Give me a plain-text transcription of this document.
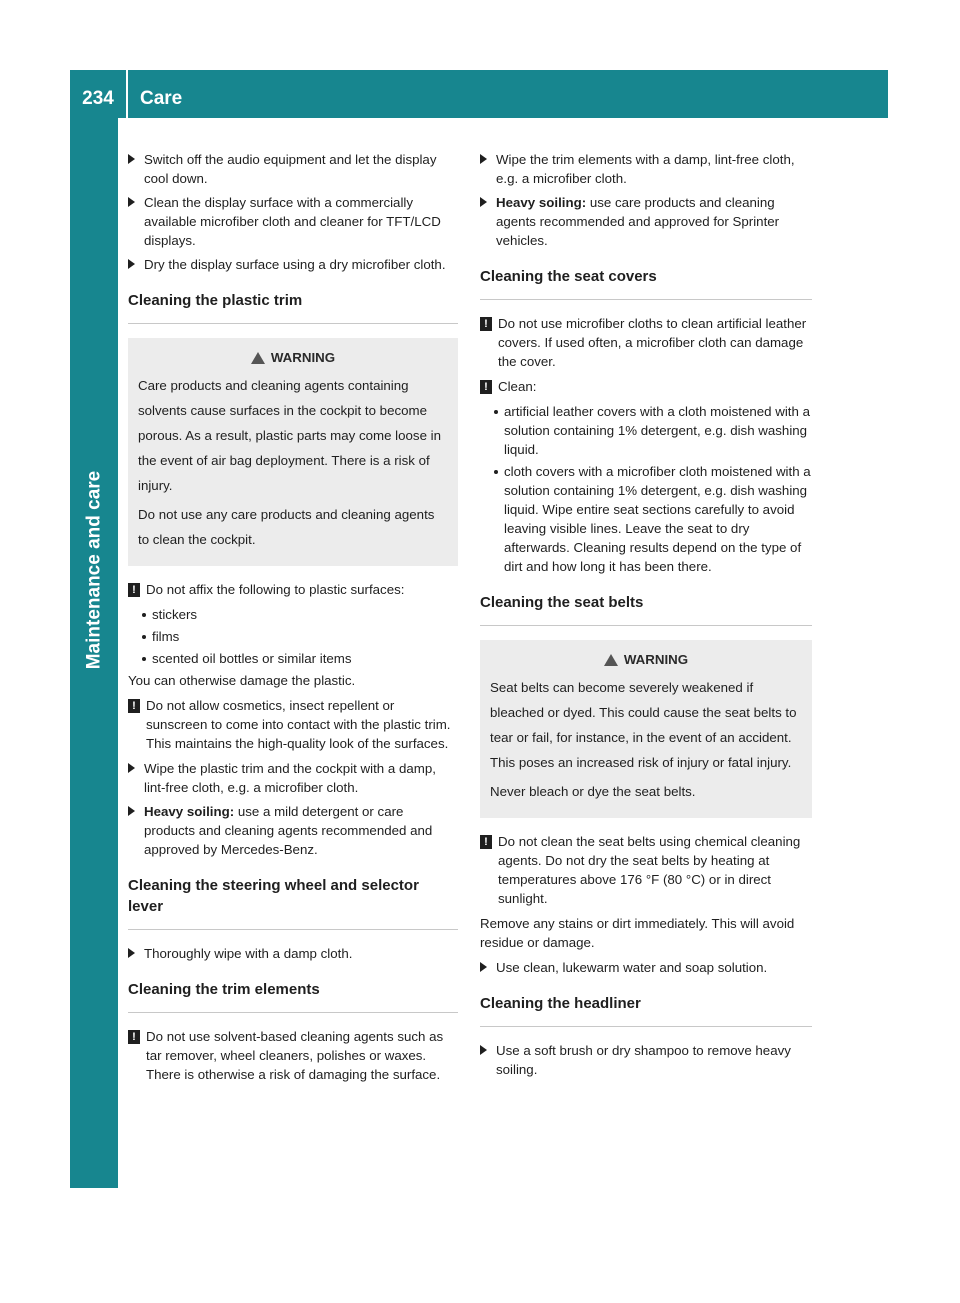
234	Care
Maintenance and care
Switch off the audio equipment and let the display cool down.
Clean the display surface with a commercially available microfiber cloth and cleaner for TFT/LCD displays.
Dry the display surface using a dry microfiber cloth.
Cleaning the plastic trim
WARNING
Care products and cleaning agents containing solvents cause surfaces in the cockpit to become porous. As a result, plastic parts may come loose in the event of air bag deployment. There is a risk of injury.
Do not use any care products and cleaning agents to clean the cockpit.
! Do not affix the following to plastic surfaces:
stickers
films
scented oil bottles or similar items
You can otherwise damage the plastic.
! Do not allow cosmetics, insect repellent or sunscreen to come into contact with the plastic trim. This maintains the high-quality look of the surfaces.
Wipe the plastic trim and the cockpit with a damp, lint-free cloth, e.g. a microfiber cloth.
Heavy soiling: use a mild detergent or care products and cleaning agents recommended and approved by Mercedes-Benz.
Cleaning the steering wheel and selector lever
Thoroughly wipe with a damp cloth.
Cleaning the trim elements
! Do not use solvent-based cleaning agents such as tar remover, wheel cleaners, polishes or waxes. There is otherwise a risk of damaging the surface.
Wipe the trim elements with a damp, lint-free cloth, e.g. a microfiber cloth.
Heavy soiling: use care products and cleaning agents recommended and approved for Sprinter vehicles.
Cleaning the seat covers
! Do not use microfiber cloths to clean artificial leather covers. If used often, a microfiber cloth can damage the cover.
! Clean:
artificial leather covers with a cloth moistened with a solution containing 1% detergent, e.g. dish washing liquid.
cloth covers with a microfiber cloth moistened with a solution containing 1% detergent, e.g. dish washing liquid. Wipe entire seat sections carefully to avoid leaving visible lines. Leave the seat to dry afterwards. Cleaning results depend on the type of dirt and how long it has been there.
Cleaning the seat belts
WARNING
Seat belts can become severely weakened if bleached or dyed. This could cause the seat belts to tear or fail, for instance, in the event of an accident. This poses an increased risk of injury or fatal injury.
Never bleach or dye the seat belts.
! Do not clean the seat belts using chemical cleaning agents. Do not dry the seat belts by heating at temperatures above 176 °F (80 °C) or in direct sunlight.
Remove any stains or dirt immediately. This will avoid residue or damage.
Use clean, lukewarm water and soap solution.
Cleaning the headliner
Use a soft brush or dry shampoo to remove heavy soiling.
